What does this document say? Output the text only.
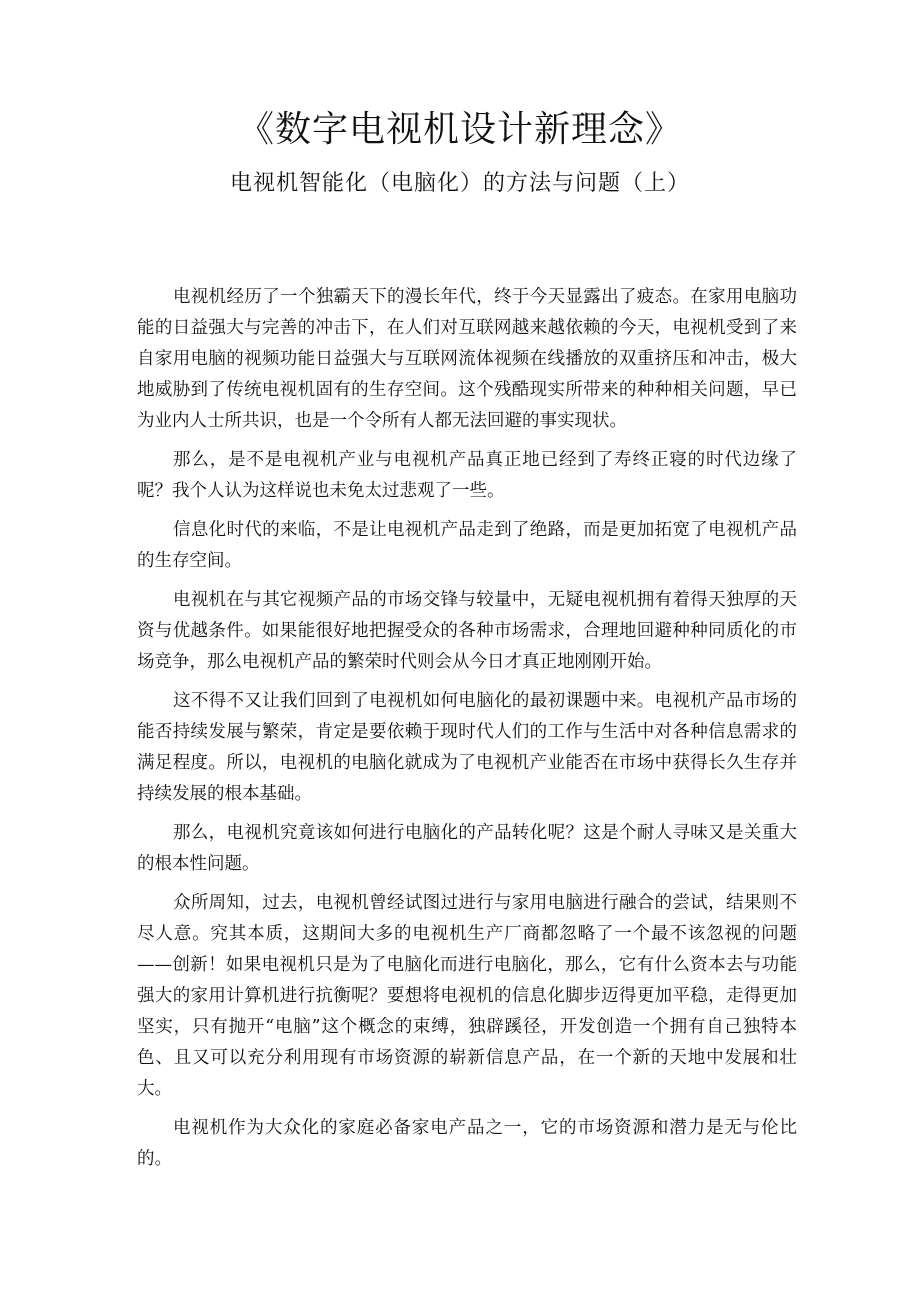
《数字电视机设计新理念》
电视机智能化（电脑化）的方法与问题（上）

电视机经历了一个独霸天下的漫长年代，终于今天显露出了疲态。在家用电脑功能的日益强大与完善的冲击下，在人们对互联网越来越依赖的今天，电视机受到了来自家用电脑的视频功能日益强大与互联网流体视频在线播放的双重挤压和冲击，极大地威胁到了传统电视机固有的生存空间。这个残酷现实所带来的种种相关问题，早已为业内人士所共识，也是一个令所有人都无法回避的事实现状。

那么，是不是电视机产业与电视机产品真正地已经到了寿终正寝的时代边缘了呢？我个人认为这样说也未免太过悲观了一些。

信息化时代的来临，不是让电视机产品走到了绝路，而是更加拓宽了电视机产品的生存空间。

电视机在与其它视频产品的市场交锋与较量中，无疑电视机拥有着得天独厚的天资与优越条件。如果能很好地把握受众的各种市场需求，合理地回避种种同质化的市场竞争，那么电视机产品的繁荣时代则会从今日才真正地刚刚开始。

这不得不又让我们回到了电视机如何电脑化的最初课题中来。电视机产品市场的能否持续发展与繁荣，肯定是要依赖于现时代人们的工作与生活中对各种信息需求的满足程度。所以，电视机的电脑化就成为了电视机产业能否在市场中获得长久生存并持续发展的根本基础。

那么，电视机究竟该如何进行电脑化的产品转化呢？这是个耐人寻味又是关重大的根本性问题。

众所周知，过去，电视机曾经试图过进行与家用电脑进行融合的尝试，结果则不尽人意。究其本质，这期间大多的电视机生产厂商都忽略了一个最不该忽视的问题——创新！如果电视机只是为了电脑化而进行电脑化，那么，它有什么资本去与功能强大的家用计算机进行抗衡呢？要想将电视机的信息化脚步迈得更加平稳，走得更加坚实，只有抛开“电脑”这个概念的束缚，独辟蹊径，开发创造一个拥有自己独特本色、且又可以充分利用现有市场资源的崭新信息产品，在一个新的天地中发展和壮大。

电视机作为大众化的家庭必备家电产品之一，它的市场资源和潜力是无与伦比的。
